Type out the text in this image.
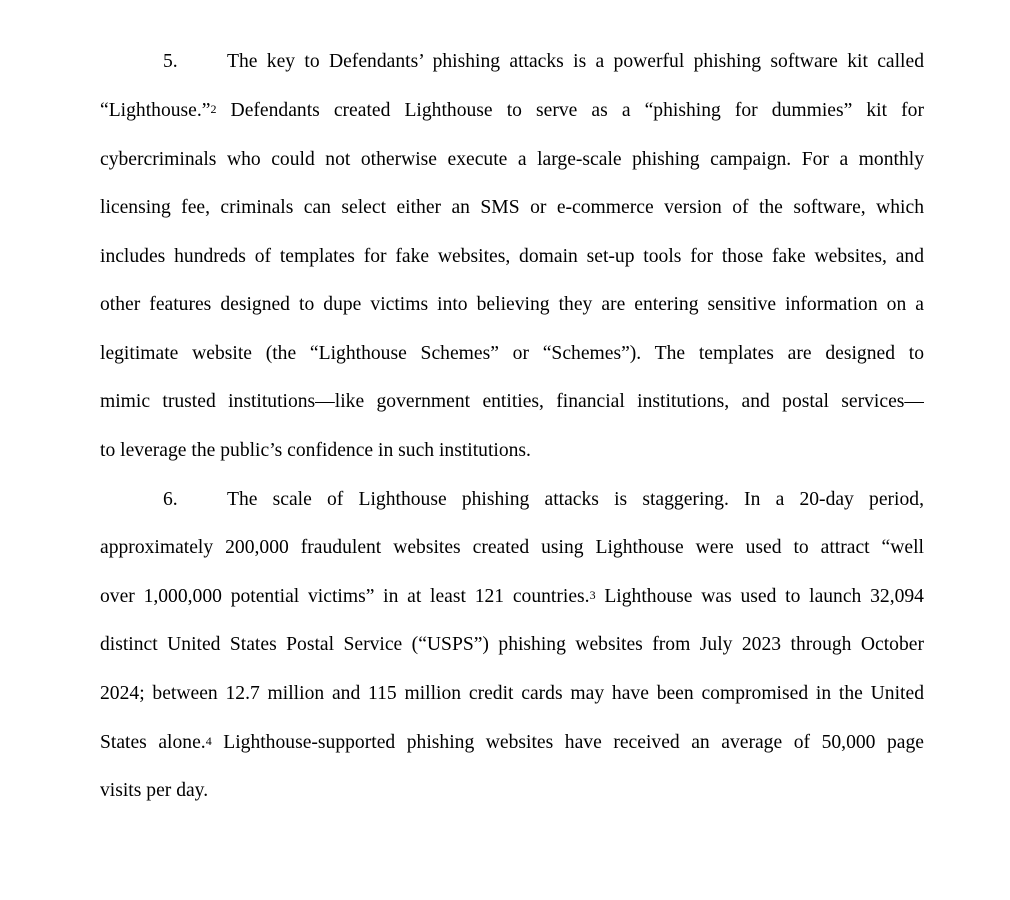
5.	The key to Defendants’ phishing attacks is a powerful phishing software kit called
“Lighthouse.”$^2$ Defendants created Lighthouse to serve as a “phishing for dummies” kit for
cybercriminals who could not otherwise execute a large-scale phishing campaign. For a monthly
licensing fee, criminals can select either an SMS or e-commerce version of the software, which
includes hundreds of templates for fake websites, domain set-up tools for those fake websites, and
other features designed to dupe victims into believing they are entering sensitive information on a
legitimate website (the “Lighthouse Schemes” or “Schemes”). The templates are designed to
mimic trusted institutions—like government entities, financial institutions, and postal services—
to leverage the public’s confidence in such institutions.
6.	The scale of Lighthouse phishing attacks is staggering. In a 20-day period,
approximately 200,000 fraudulent websites created using Lighthouse were used to attract “well
over 1,000,000 potential victims” in at least 121 countries.$^3$ Lighthouse was used to launch 32,094
distinct United States Postal Service (“USPS”) phishing websites from July 2023 through October
2024; between 12.7 million and 115 million credit cards may have been compromised in the United
States alone.$^4$ Lighthouse-supported phishing websites have received an average of 50,000 page
visits per day.
